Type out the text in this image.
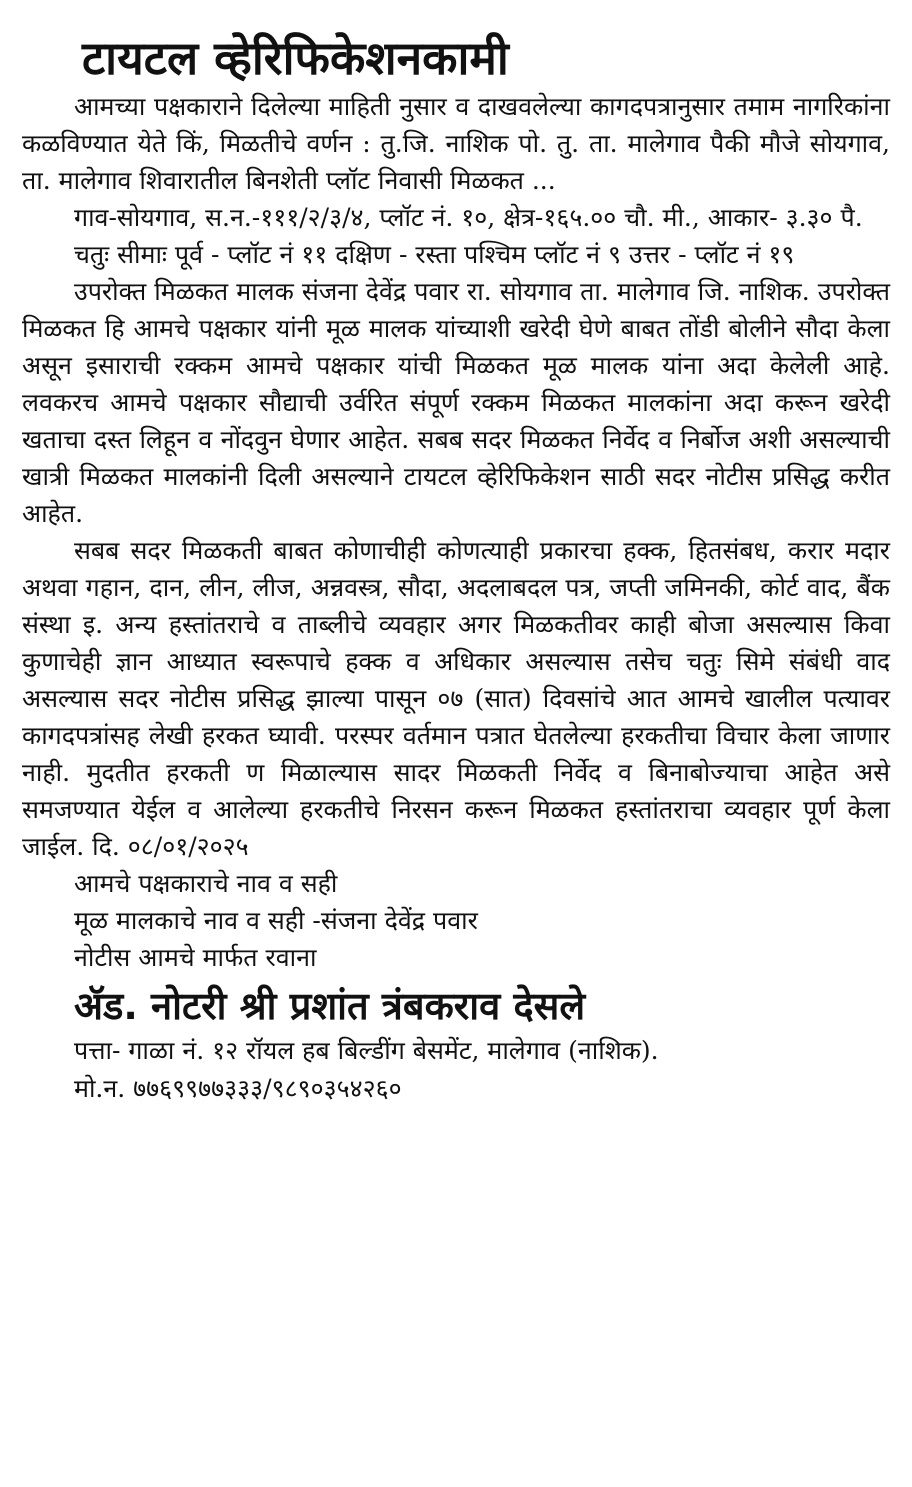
टायटल व्हेरिफिकेशनकामी

आमच्या पक्षकाराने दिलेल्या माहिती नुसार व दाखवलेल्या कागदपत्रानुसार तमाम नागरिकांना कळविण्यात येते किं, मिळतीचे वर्णन : तु.जि. नाशिक पो. तु. ता. मालेगाव पैकी मौजे सोयगाव, ता. मालेगाव शिवारातील बिनशेती प्लॉट निवासी मिळकत ...

गाव-सोयगाव, स.न.-१११/२/३/४, प्लॉट नं. १०, क्षेत्र-१६५.०० चौ. मी., आकार- ३.३० पै.

चतुः सीमाः पूर्व - प्लॉट नं ११ दक्षिण - रस्ता पश्चिम प्लॉट नं ९ उत्तर - प्लॉट नं १९

उपरोक्त मिळकत मालक संजना देवेंद्र पवार रा. सोयगाव ता. मालेगाव जि. नाशिक. उपरोक्त मिळकत हि आमचे पक्षकार यांनी मूळ मालक यांच्याशी खरेदी घेणे बाबत तोंडी बोलीने सौदा केला असून इसाराची रक्कम आमचे पक्षकार यांची मिळकत मूळ मालक यांना अदा केलेली आहे. लवकरच आमचे पक्षकार सौद्याची उर्वरित संपूर्ण रक्कम मिळकत मालकांना अदा करून खरेदी खताचा दस्त लिहून व नोंदवुन घेणार आहेत. सबब सदर मिळकत निर्वेद व निर्बोज अशी असल्याची खात्री मिळकत मालकांनी दिली असल्याने टायटल व्हेरिफिकेशन साठी सदर नोटीस प्रसिद्ध करीत आहेत.

सबब सदर मिळकती बाबत कोणाचीही कोणत्याही प्रकारचा हक्क, हितसंबध, करार मदार अथवा गहान, दान, लीन, लीज, अन्नवस्त्र, सौदा, अदलाबदल पत्र, जप्ती जमिनकी, कोर्ट वाद, बैंक संस्था इ. अन्य हस्तांतराचे व ताब्लीचे व्यवहार अगर मिळकतीवर काही बोजा असल्यास किवा कुणाचेही ज्ञान आध्यात स्वरूपाचे हक्क व अधिकार असल्यास तसेच चतुः सिमे संबंधी वाद असल्यास सदर नोटीस प्रसिद्ध झाल्या पासून ०७ (सात) दिवसांचे आत आमचे खालील पत्यावर कागदपत्रांसह लेखी हरकत घ्यावी. परस्पर वर्तमान पत्रात घेतलेल्या हरकतीचा विचार केला जाणार नाही. मुदतीत हरकती ण मिळाल्यास सादर मिळकती निर्वेद व बिनाबोज्याचा आहेत असे समजण्यात येईल व आलेल्या हरकतीचे निरसन करून मिळकत हस्तांतराचा व्यवहार पूर्ण केला जाईल. दि. ०८/०१/२०२५

आमचे पक्षकाराचे नाव व सही
मूळ मालकाचे नाव व सही -संजना देवेंद्र पवार
नोटीस आमचे मार्फत रवाना
ॲड. नोटरी श्री प्रशांत त्रंबकराव देसले
पत्ता- गाळा नं. १२ रॉयल हब बिल्डींग बेसमेंट, मालेगाव (नाशिक).
मो.न. ७७६९९७७३३३/९८९०३५४२६०
